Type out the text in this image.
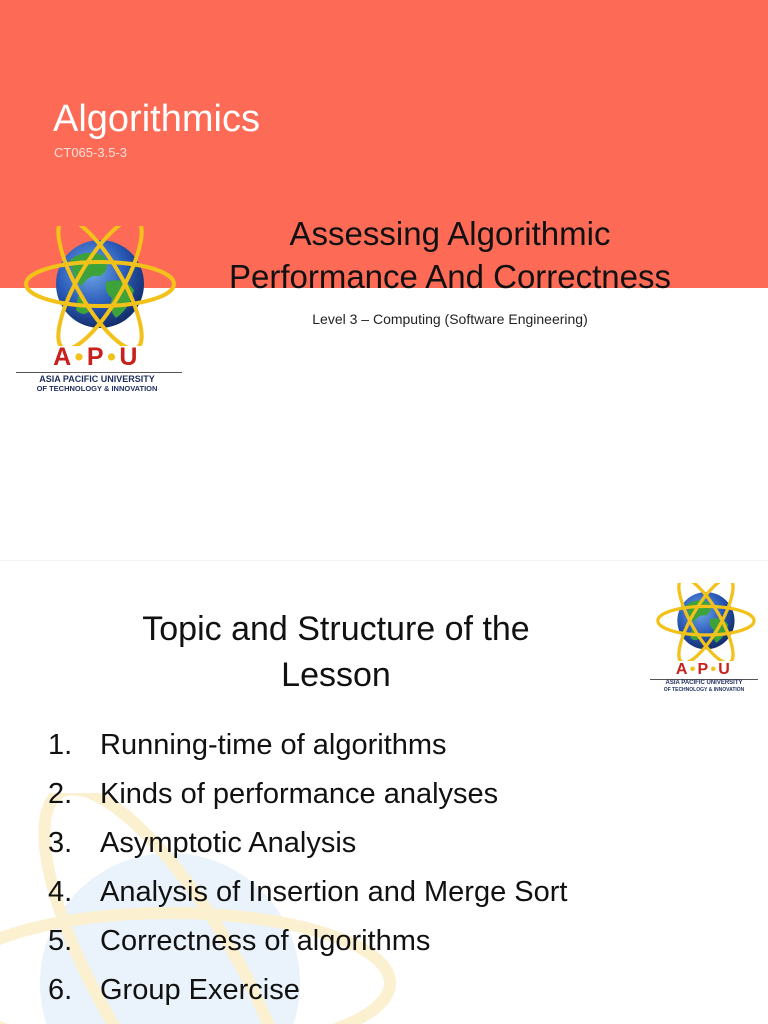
Algorithmics
CT065-3.5-3
Assessing Algorithmic
Performance And Correctness
Level 3 – Computing (Software Engineering)
A•P•U
ASIA PACIFIC UNIVERSITY
OF TECHNOLOGY & INNOVATION
A•P•U
ASIA PACIFIC UNIVERSITY
OF TECHNOLOGY & INNOVATION
Topic and Structure of the
Lesson
1. Running-time of algorithms
2. Kinds of performance analyses
3. Asymptotic Analysis
4. Analysis of Insertion and Merge Sort
5. Correctness of algorithms
6. Group Exercise
